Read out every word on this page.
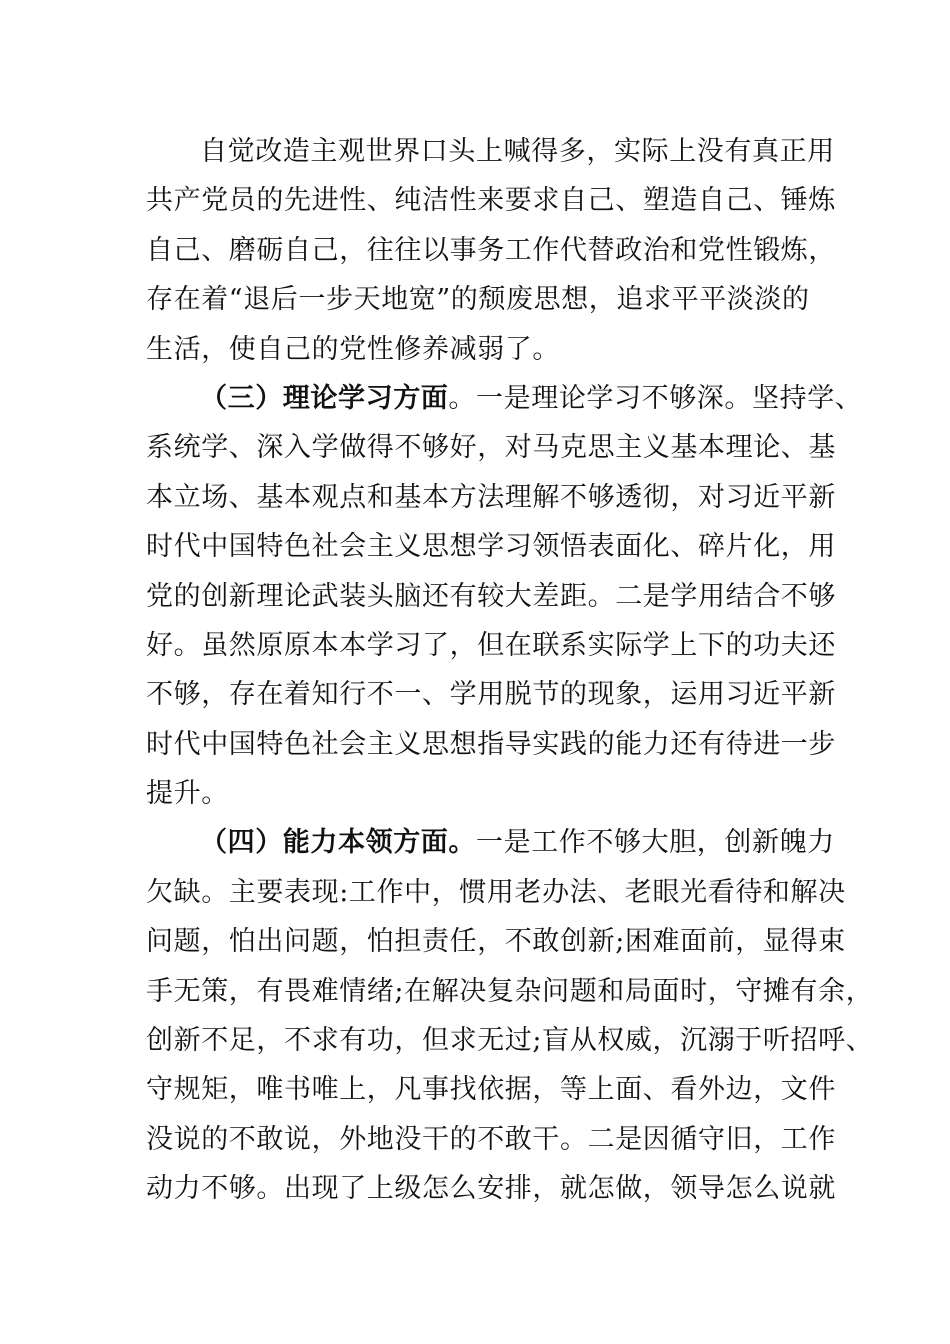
自觉改造主观世界口头上喊得多，实际上没有真正用
共产党员的先进性、纯洁性来要求自己、塑造自己、锤炼
自己、磨砺自己，往往以事务工作代替政治和党性锻炼，
存在着“退后一步天地宽”的颓废思想，追求平平淡淡的
生活，使自己的党性修养减弱了。
（三）理论学习方面。一是理论学习不够深。坚持学、
系统学、深入学做得不够好，对马克思主义基本理论、基
本立场、基本观点和基本方法理解不够透彻，对习近平新
时代中国特色社会主义思想学习领悟表面化、碎片化，用
党的创新理论武装头脑还有较大差距。二是学用结合不够
好。虽然原原本本学习了，但在联系实际学上下的功夫还
不够，存在着知行不一、学用脱节的现象，运用习近平新
时代中国特色社会主义思想指导实践的能力还有待进一步
提升。
（四）能力本领方面。一是工作不够大胆，创新魄力
欠缺。主要表现:工作中，惯用老办法、老眼光看待和解决
问题，怕出问题，怕担责任，不敢创新;困难面前，显得束
手无策，有畏难情绪;在解决复杂问题和局面时，守摊有余，
创新不足，不求有功，但求无过;盲从权威，沉溺于听招呼、
守规矩，唯书唯上，凡事找依据，等上面、看外边，文件
没说的不敢说，外地没干的不敢干。二是因循守旧，工作
动力不够。出现了上级怎么安排，就怎做，领导怎么说就
